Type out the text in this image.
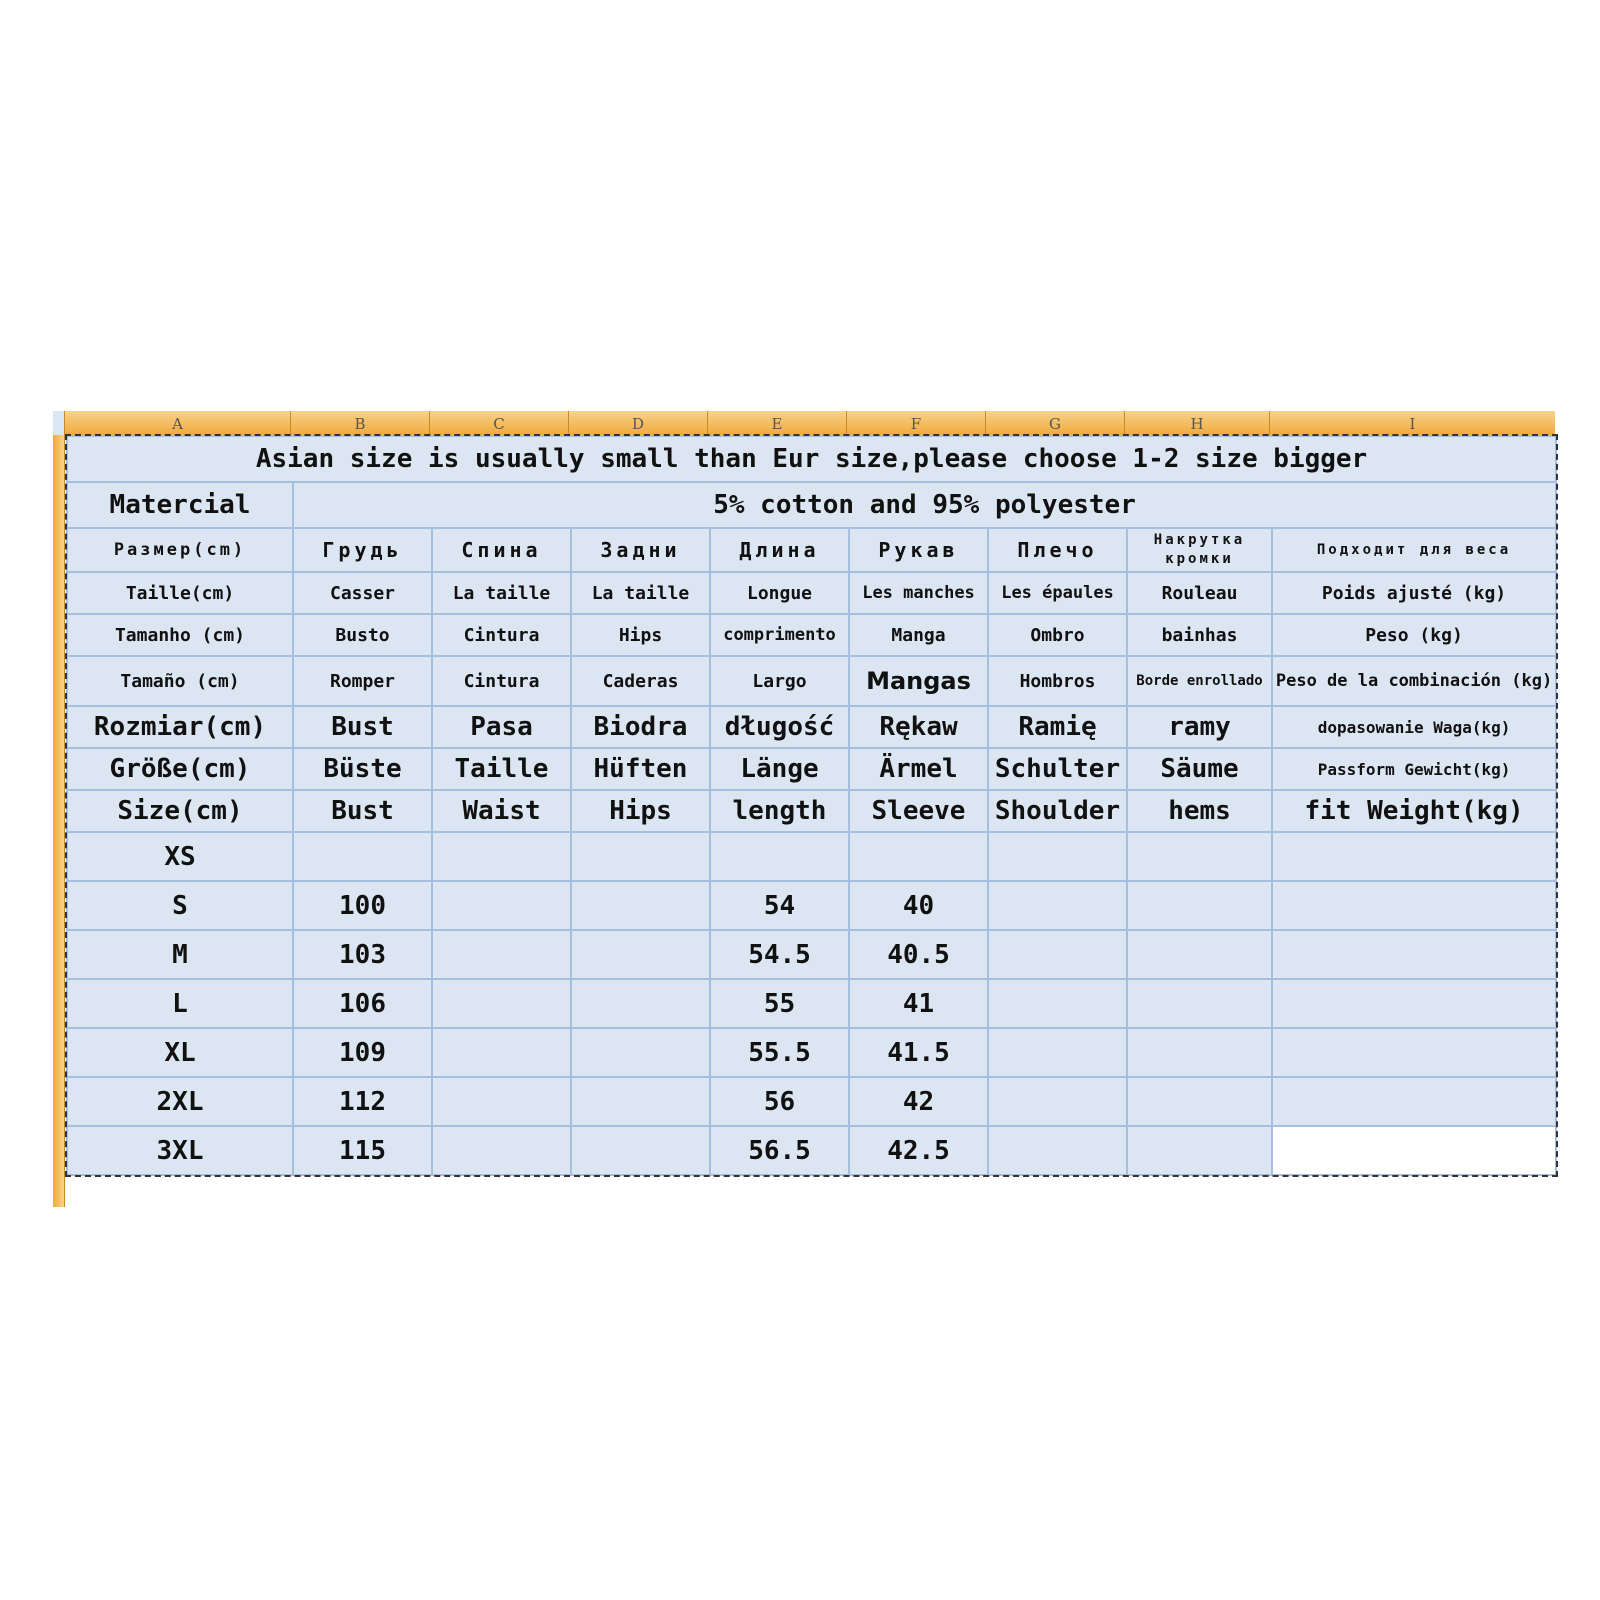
A	B	C	D	E	F	G	H	I
Asian size is usually small than Eur size,please choose 1-2 size bigger								
Matercial	5% cotton and 95% polyester							
Размер(cm)	Грудь	Спина	Задни	Длина	Рукав	Плечо	Накрутка кромки	Подходит для веса
Taille(cm)	Casser	La taille	La taille	Longue	Les manches	Les épaules	Rouleau	Poids ajusté (kg)
Tamanho (cm)	Busto	Cintura	Hips	comprimento	Manga	Ombro	bainhas	Peso (kg)
Tamaño (cm)	Romper	Cintura	Caderas	Largo	Mangas	Hombros	Borde enrollado	Peso de la combinación (kg)
Rozmiar(cm)	Bust	Pasa	Biodra	długość	Rękaw	Ramię	ramy	dopasowanie Waga(kg)
Größe(cm)	Büste	Taille	Hüften	Länge	Ärmel	Schulter	Säume	Passform Gewicht(kg)
Size(cm)	Bust	Waist	Hips	length	Sleeve	Shoulder	hems	fit Weight(kg)
XS								
S	100			54	40			
M	103			54.5	40.5			
L	106			55	41			
XL	109			55.5	41.5			
2XL	112			56	42			
3XL	115			56.5	42.5			
